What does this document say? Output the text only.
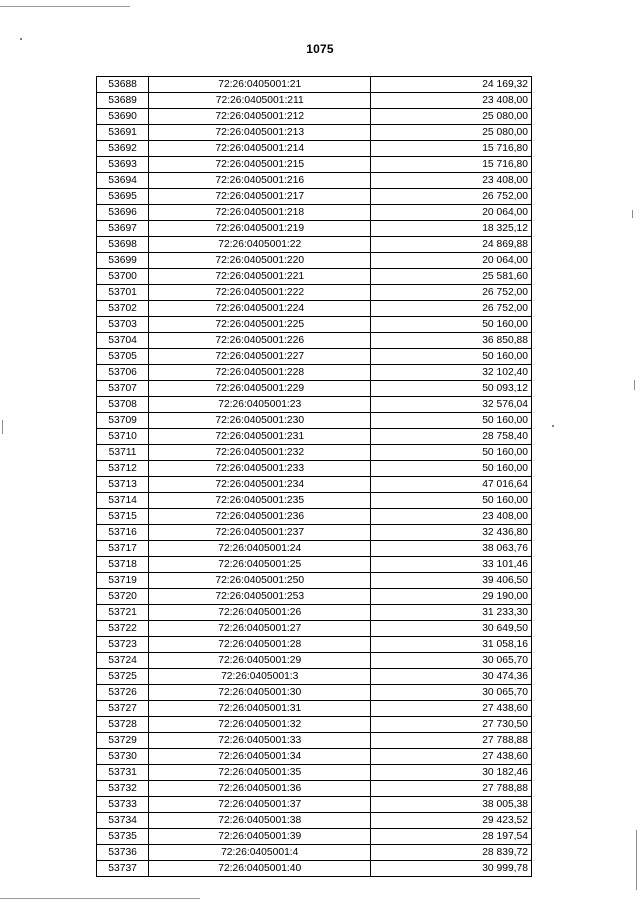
1075
53688	72:26:0405001:21	24 169,32
53689	72:26:0405001:211	23 408,00
53690	72:26:0405001:212	25 080,00
53691	72:26:0405001:213	25 080,00
53692	72:26:0405001:214	15 716,80
53693	72:26:0405001:215	15 716,80
53694	72:26:0405001:216	23 408,00
53695	72:26:0405001:217	26 752,00
53696	72:26:0405001:218	20 064,00
53697	72:26:0405001:219	18 325,12
53698	72:26:0405001:22	24 869,88
53699	72:26:0405001:220	20 064,00
53700	72:26:0405001:221	25 581,60
53701	72:26:0405001:222	26 752,00
53702	72:26:0405001:224	26 752,00
53703	72:26:0405001:225	50 160,00
53704	72:26:0405001:226	36 850,88
53705	72:26:0405001:227	50 160,00
53706	72:26:0405001:228	32 102,40
53707	72:26:0405001:229	50 093,12
53708	72:26:0405001:23	32 576,04
53709	72:26:0405001:230	50 160,00
53710	72:26:0405001:231	28 758,40
53711	72:26:0405001:232	50 160,00
53712	72:26:0405001:233	50 160,00
53713	72:26:0405001:234	47 016,64
53714	72:26:0405001:235	50 160,00
53715	72:26:0405001:236	23 408,00
53716	72:26:0405001:237	32 436,80
53717	72:26:0405001:24	38 063,76
53718	72:26:0405001:25	33 101,46
53719	72:26:0405001:250	39 406,50
53720	72:26:0405001:253	29 190,00
53721	72:26:0405001:26	31 233,30
53722	72:26:0405001:27	30 649,50
53723	72:26:0405001:28	31 058,16
53724	72:26:0405001:29	30 065,70
53725	72:26:0405001:3	30 474,36
53726	72:26:0405001:30	30 065,70
53727	72:26:0405001:31	27 438,60
53728	72:26:0405001:32	27 730,50
53729	72:26:0405001:33	27 788,88
53730	72:26:0405001:34	27 438,60
53731	72:26:0405001:35	30 182,46
53732	72:26:0405001:36	27 788,88
53733	72:26:0405001:37	38 005,38
53734	72:26:0405001:38	29 423,52
53735	72:26:0405001:39	28 197,54
53736	72:26:0405001:4	28 839,72
53737	72:26:0405001:40	30 999,78
